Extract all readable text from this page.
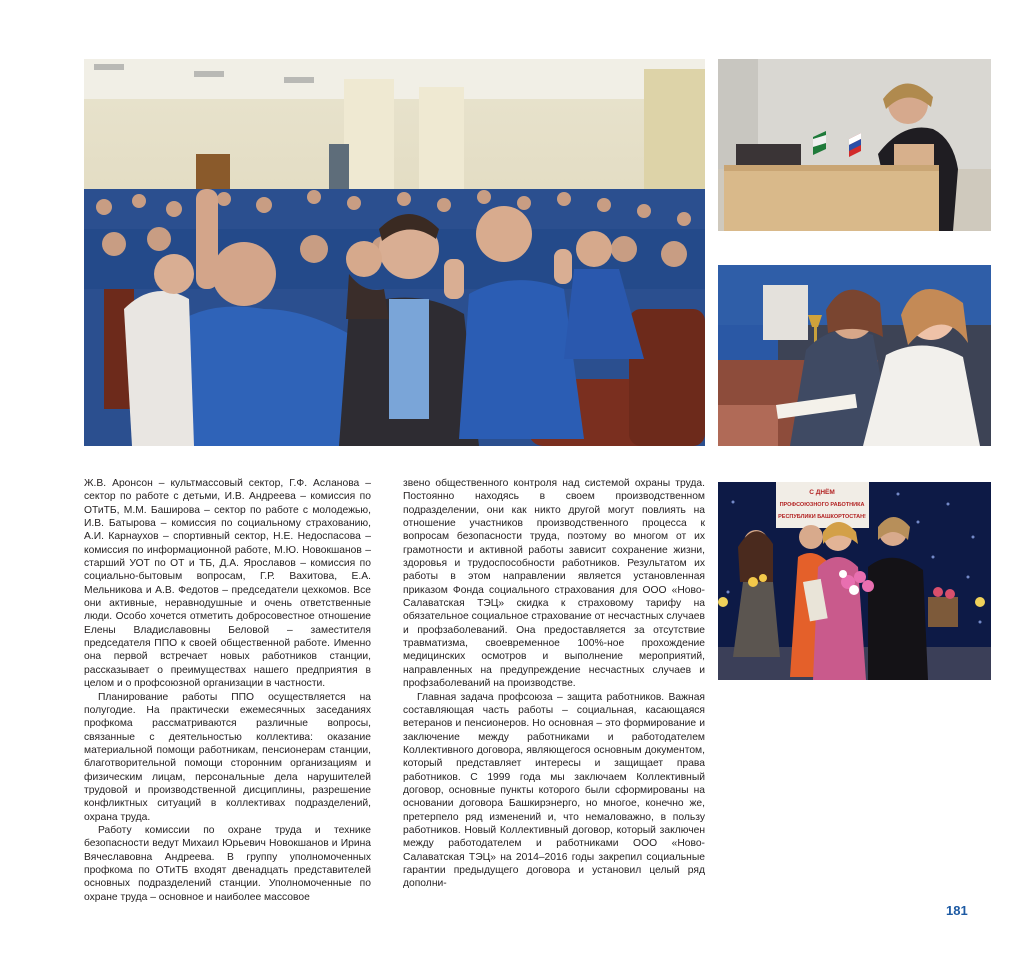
С ДНЁМ
ПРОФСОЮЗНОГО РАБОТНИКА
РЕСПУБЛИКИ БАШКОРТОСТАН!

Ж.В. Аронсон – культмассовый сектор, Г.Ф. Асланова – сектор по работе с детьми, И.В. Андреева – комиссия по ОТиТБ, М.М. Баширова – сектор по работе с молодежью, И.В. Батырова – комиссия по социальному страхованию, А.И. Карнаухов – спортивный сектор, Н.Е. Недоспасова – комиссия по информационной работе, М.Ю. Новокшанов – старший УОТ по ОТ и ТБ, Д.А. Ярославов – комиссия по социально-бытовым вопросам, Г.Р. Вахитова, Е.А. Мельникова и А.В. Федотов – председатели цехкомов. Все они активные, неравнодушные и очень ответственные люди. Особо хочется отметить добросовестное отношение Елены Владиславовны Беловой – заместителя председателя ППО к своей общественной работе. Именно она первой встречает новых работников станции, рассказывает о преимуществах нашего предприятия в целом и о профсоюзной организации в частности.

Планирование работы ППО осуществляется на полугодие. На практически ежемесячных заседаниях профкома рассматриваются различные вопросы, связанные с деятельностью коллектива: оказание материальной помощи работникам, пенсионерам станции, благотворительной помощи сторонним организациям и физическим лицам, персональные дела нарушителей трудовой и производственной дисциплины, разрешение конфликтных ситуаций в коллективах подразделений, охрана труда.

Работу комиссии по охране труда и технике безопасности ведут Михаил Юрьевич Новокшанов и Ирина Вячеславовна Андреева. В группу уполномоченных профкома по ОТиТБ входят двенадцать представителей основных подразделений станции. Уполномоченные по охране труда – основное и наиболее массовое

звено общественного контроля над системой охраны труда. Постоянно находясь в своем производственном подразделении, они как никто другой могут повлиять на отношение участников производственного процесса к вопросам безопасности труда, поэтому во многом от их грамотности и активной работы зависит сохранение жизни, здоровья и трудоспособности работников. Результатом их работы в этом направлении является установленная приказом Фонда социального страхования для ООО «Ново-Салаватская ТЭЦ» скидка к страховому тарифу на обязательное социальное страхование от несчастных случаев и профзаболеваний. Она предоставляется за отсутствие травматизма, своевременное 100%-ное прохождение медицинских осмотров и выполнение мероприятий, направленных на предупреждение несчастных случаев и профзаболеваний на производстве.

Главная задача профсоюза – защита работников. Важная составляющая часть работы – социальная, касающаяся ветеранов и пенсионеров. Но основная – это формирование и заключение между работниками и работодателем Коллективного договора, являющегося основным документом, который представляет интересы и защищает права работников. С 1999 года мы заключаем Коллективный договор, основные пункты которого были сформированы на основании договора Башкирэнерго, но многое, конечно же, претерпело ряд изменений и, что немаловажно, в пользу работников. Новый Коллективный договор, который заключен между работодателем и работниками ООО «Ново-Салаватская ТЭЦ» на 2014–2016 годы закрепил социальные гарантии предыдущего договора и установил целый ряд дополни-

181
